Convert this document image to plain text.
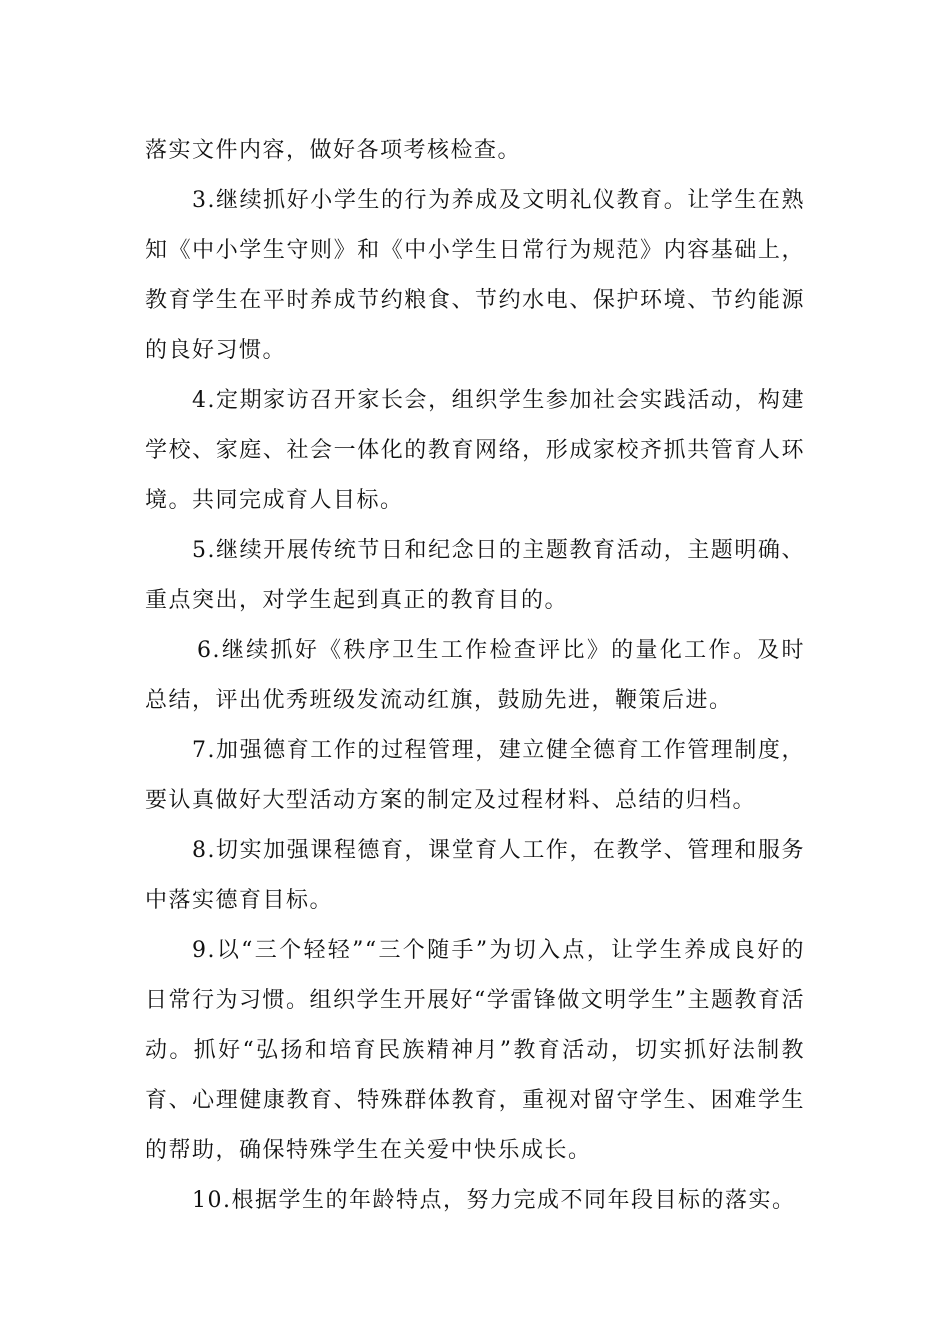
落实文件内容，做好各项考核检查。

3.继续抓好小学生的行为养成及文明礼仪教育。让学生在熟知《中小学生守则》和《中小学生日常行为规范》内容基础上，教育学生在平时养成节约粮食、节约水电、保护环境、节约能源的良好习惯。

4.定期家访召开家长会，组织学生参加社会实践活动，构建学校、家庭、社会一体化的教育网络，形成家校齐抓共管育人环境。共同完成育人目标。

5.继续开展传统节日和纪念日的主题教育活动，主题明确、重点突出，对学生起到真正的教育目的。

6.继续抓好《秩序卫生工作检查评比》的量化工作。及时总结，评出优秀班级发流动红旗，鼓励先进，鞭策后进。

7.加强德育工作的过程管理，建立健全德育工作管理制度，要认真做好大型活动方案的制定及过程材料、总结的归档。

8.切实加强课程德育，课堂育人工作，在教学、管理和服务中落实德育目标。

9.以“三个轻轻”“三个随手”为切入点，让学生养成良好的日常行为习惯。组织学生开展好“学雷锋做文明学生”主题教育活动。抓好“弘扬和培育民族精神月”教育活动，切实抓好法制教育、心理健康教育、特殊群体教育，重视对留守学生、困难学生的帮助，确保特殊学生在关爱中快乐成长。

10.根据学生的年龄特点，努力完成不同年段目标的落实。
